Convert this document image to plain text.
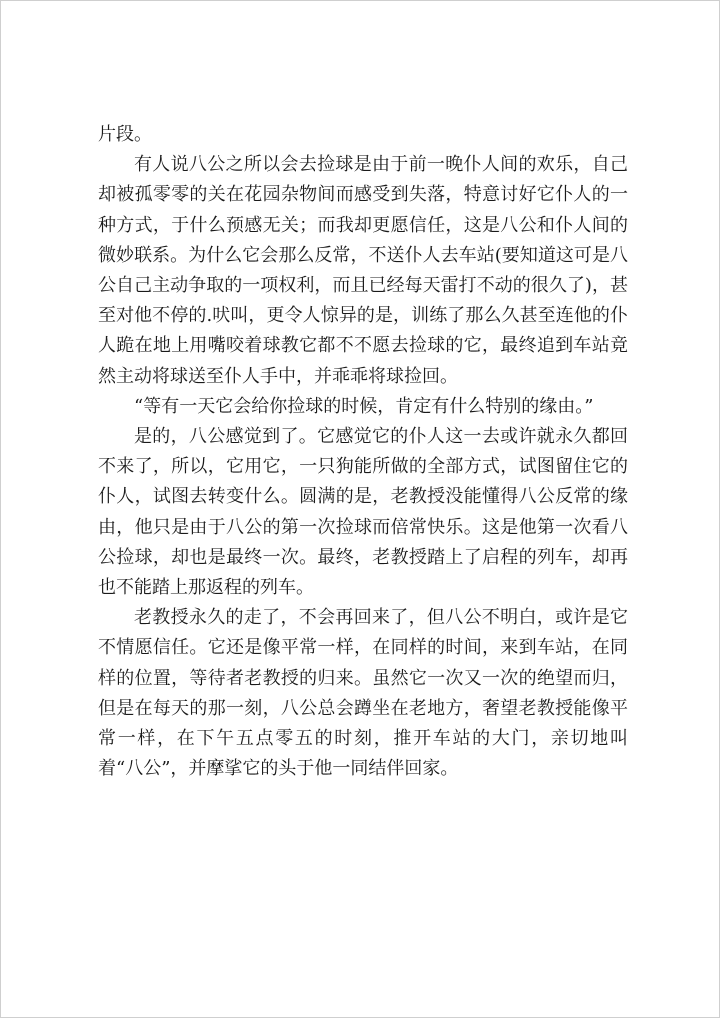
片段。

有人说八公之所以会去捡球是由于前一晚仆人间的欢乐，自己却被孤零零的关在花园杂物间而感受到失落，特意讨好它仆人的一种方式，于什么预感无关；而我却更愿信任，这是八公和仆人间的微妙联系。为什么它会那么反常，不送仆人去车站(要知道这可是八公自己主动争取的一项权利，而且已经每天雷打不动的很久了)，甚至对他不停的.吠叫，更令人惊异的是，训练了那么久甚至连他的仆人跪在地上用嘴咬着球教它都不不愿去捡球的它，最终追到车站竟然主动将球送至仆人手中，并乖乖将球捡回。

“等有一天它会给你捡球的时候，肯定有什么特别的缘由。”

是的，八公感觉到了。它感觉它的仆人这一去或许就永久都回不来了，所以，它用它，一只狗能所做的全部方式，试图留住它的仆人，试图去转变什么。圆满的是，老教授没能懂得八公反常的缘由，他只是由于八公的第一次捡球而倍常快乐。这是他第一次看八公捡球，却也是最终一次。最终，老教授踏上了启程的列车，却再也不能踏上那返程的列车。

老教授永久的走了，不会再回来了，但八公不明白，或许是它不情愿信任。它还是像平常一样，在同样的时间，来到车站，在同样的位置，等待者老教授的归来。虽然它一次又一次的绝望而归，但是在每天的那一刻，八公总会蹲坐在老地方，奢望老教授能像平常一样，在下午五点零五的时刻，推开车站的大门，亲切地叫着“八公”，并摩挲它的头于他一同结伴回家。
